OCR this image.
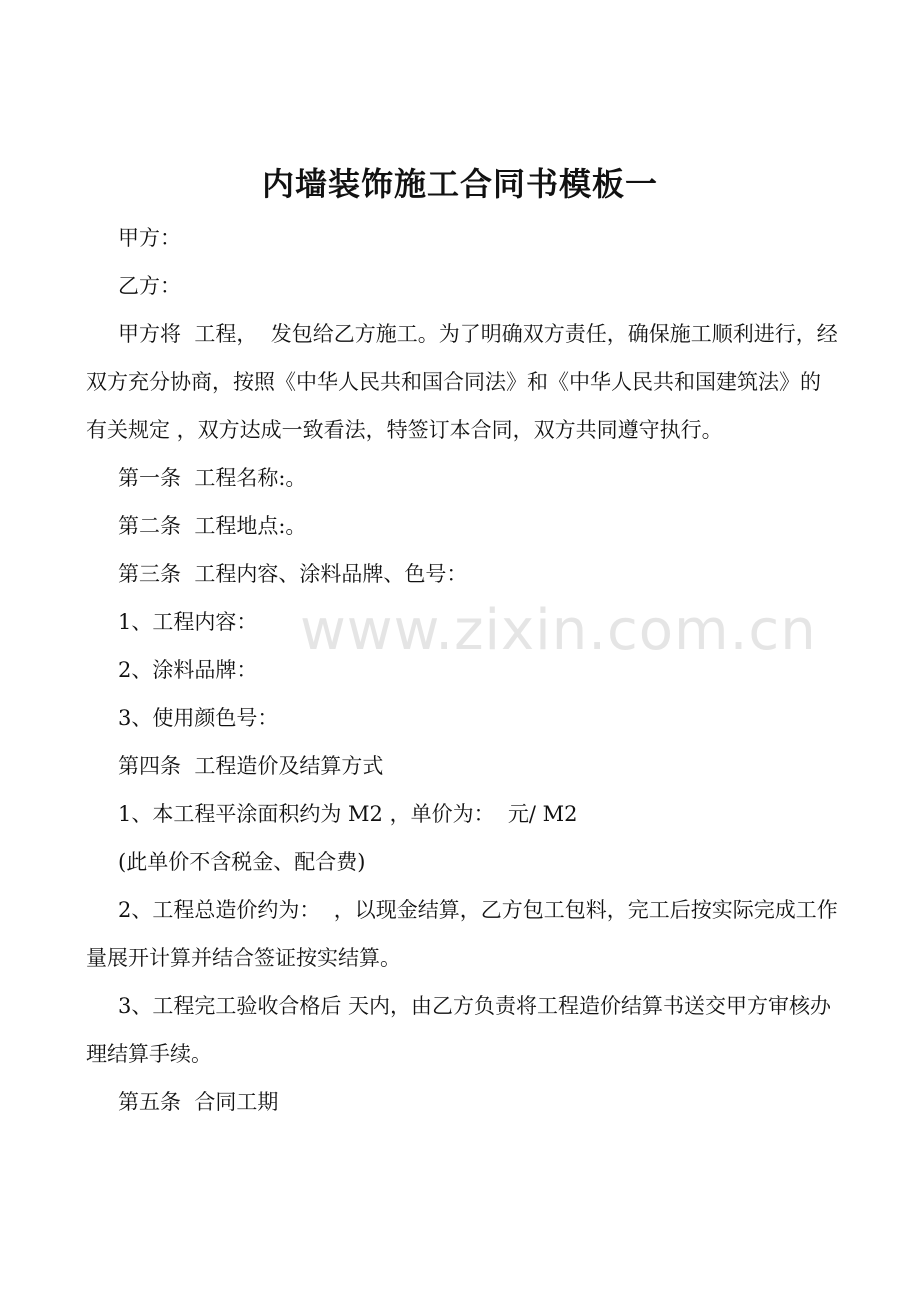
内墙装饰施工合同书模板一

甲方：

乙方：

甲方将  工程，  发包给乙方施工。为了明确双方责任，确保施工顺利进行，经双方充分协商，按照《中华人民共和国合同法》和《中华人民共和国建筑法》的有关规定 ，双方达成一致看法，特签订本合同，双方共同遵守执行。

第一条  工程名称:。

第二条  工程地点:。

第三条  工程内容、涂料品牌、色号：

1、工程内容：

2、涂料品牌：

3、使用颜色号：

第四条  工程造价及结算方式

1、本工程平涂面积约为 M2 ，单价为：  元/ M2

(此单价不含税金、配合费)

2、工程总造价约为：  ，以现金结算，乙方包工包料，完工后按实际完成工作量展开计算并结合签证按实结算。

3、工程完工验收合格后 天内，由乙方负责将工程造价结算书送交甲方审核办理结算手续。

第五条  合同工期

www.zixin.com.cn
